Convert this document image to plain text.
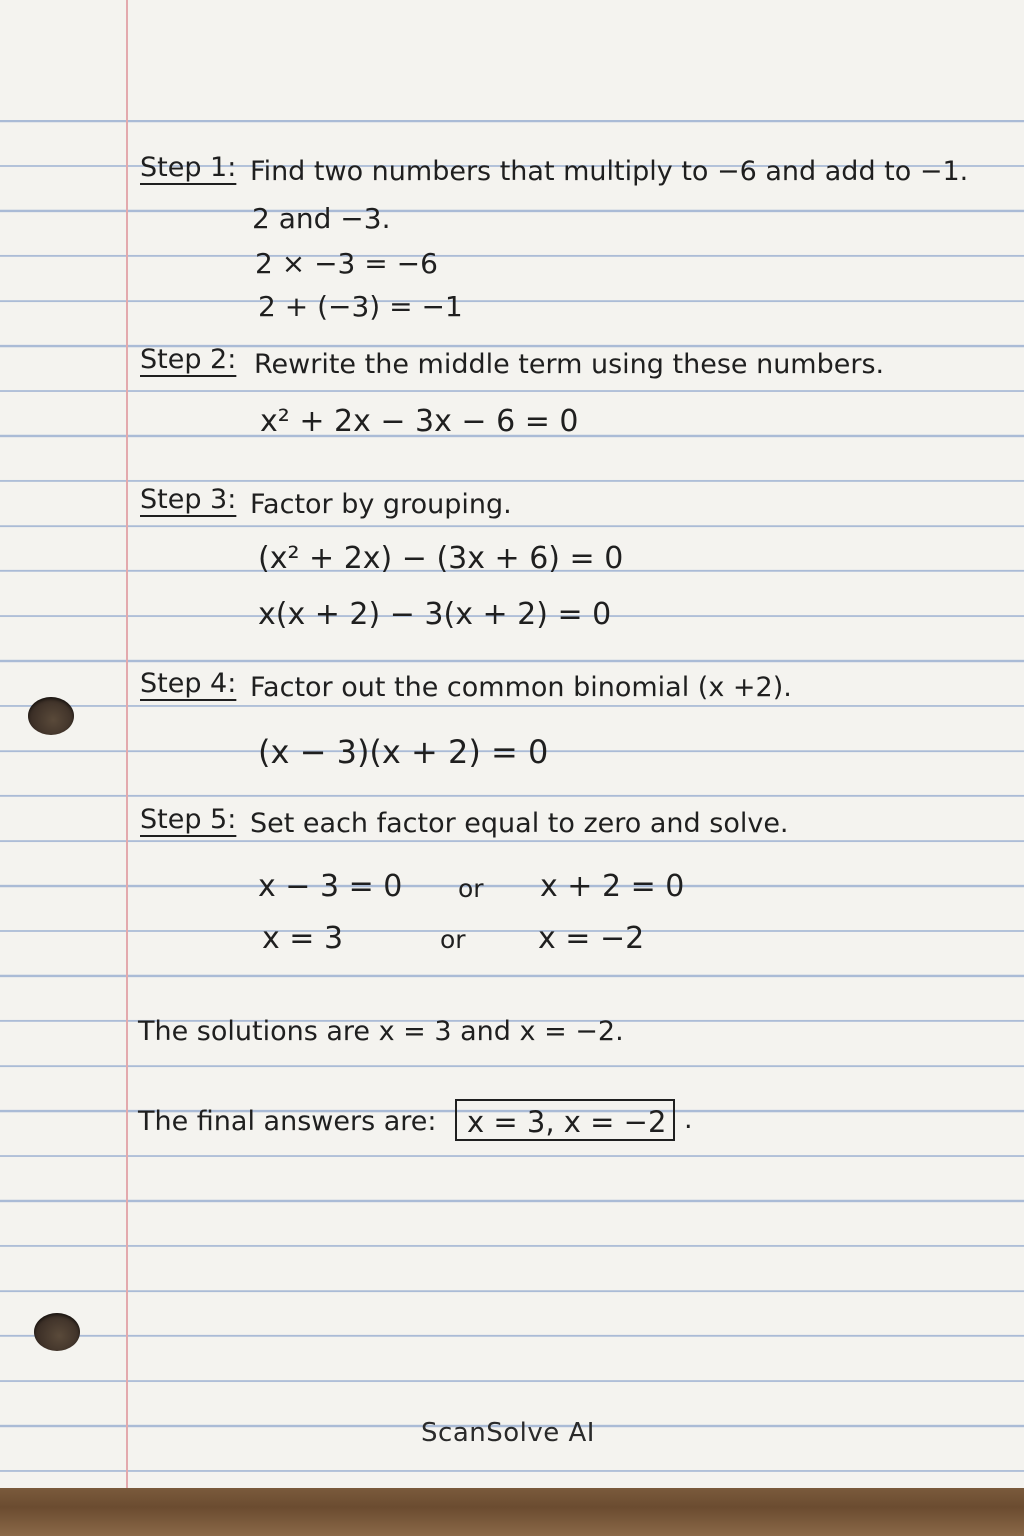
Step 1: Find two numbers that multiply to −6 and add to −1.
2 and −3.
2 × −3 = −6
2 + (−3) = −1
Step 2: Rewrite the middle term using these numbers.
x² + 2x − 3x − 6 = 0
Step 3: Factor by grouping.
(x² + 2x) − (3x + 6) = 0
x(x + 2) − 3(x + 2) = 0
Step 4: Factor out the common binomial (x +2).
(x − 3)(x + 2) = 0
Step 5: Set each factor equal to zero and solve.
x − 3 = 0 or x + 2 = 0
x = 3	or x = −2
The solutions are x = 3 and x = −2.
The final answers are:	x = 3, x = −2 .
ScanSolve AI
